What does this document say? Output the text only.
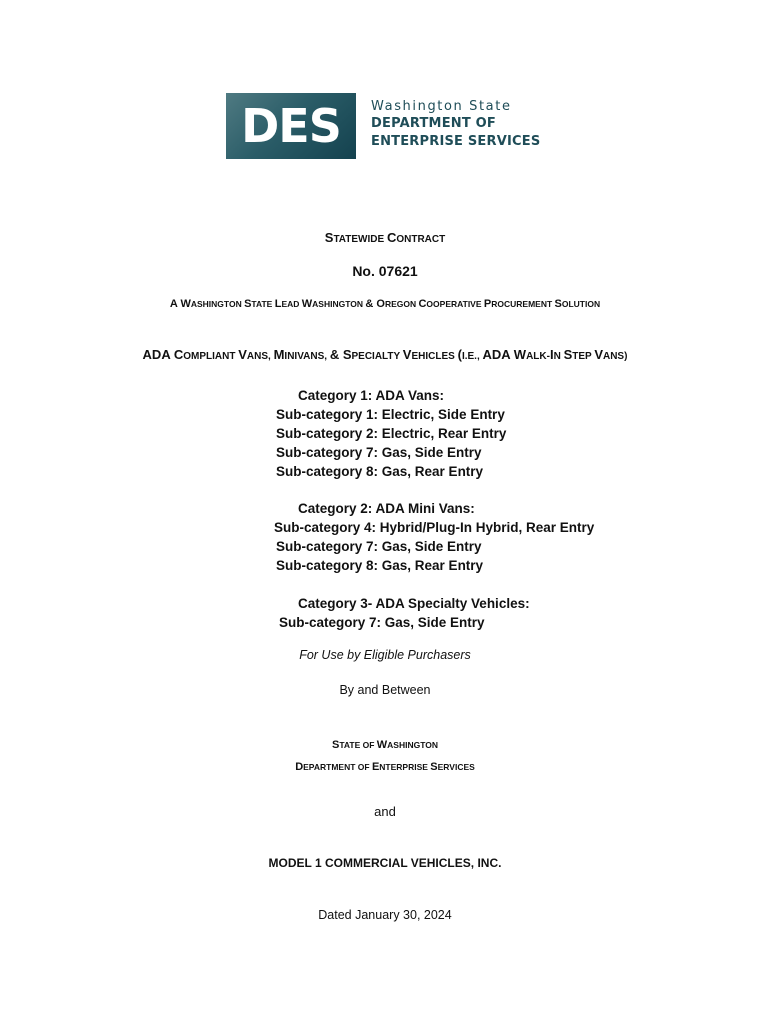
DES Washington State
DEPARTMENT OF
ENTERPRISE SERVICES
STATEWIDE CONTRACT
No. 07621
A WASHINGTON STATE LEAD WASHINGTON & OREGON COOPERATIVE PROCUREMENT SOLUTION
ADA COMPLIANT VANS, MINIVANS, & SPECIALTY VEHICLES (I.E., ADA WALK-IN STEP VANS)
Category 1: ADA Vans:
Sub-category 1: Electric, Side Entry
Sub-category 2: Electric, Rear Entry
Sub-category 7: Gas, Side Entry
Sub-category 8: Gas, Rear Entry
Category 2: ADA Mini Vans:
Sub-category 4: Hybrid/Plug-In Hybrid, Rear Entry
Sub-category 7: Gas, Side Entry
Sub-category 8: Gas, Rear Entry
Category 3- ADA Specialty Vehicles:
Sub-category 7: Gas, Side Entry
For Use by Eligible Purchasers
By and Between
STATE OF WASHINGTON
DEPARTMENT OF ENTERPRISE SERVICES
and
MODEL 1 COMMERCIAL VEHICLES, INC.
Dated January 30, 2024
